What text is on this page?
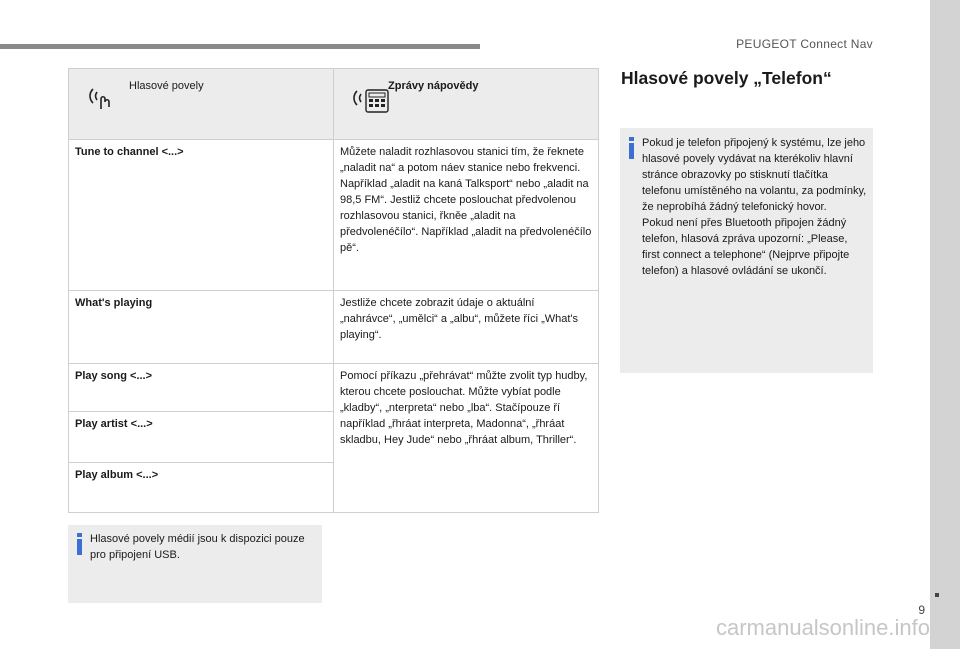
PEUGEOT Connect Nav
9
carmanualsonline.info
Hlasové povely	Zprávy nápovědy

Tune to channel <...>	Můžete naladit rozhlasovou stanici tím, že řeknete „naladit na“ a potom náev stanice nebo frekvenci. Například „aladit na kaná Talksport“ nebo „aladit na 98,5 FM“. Jestliž chcete poslouchat předvolenou rozhlasovou stanici, řkněe „aladit na předvolenéčílo“. Například „aladit na předvolenéčílo pě“.
What's playing	Jestliže chcete zobrazit údaje o aktuální „nahrávce“, „umělci“ a „albu“, můžete říci „What's playing“.
Play song <...>	Pomocí příkazu „přehrávat“ můžte zvolit typ hudby, kterou chcete poslouchat. Můžte vybíat podle „kladby“, „nterpreta“ nebo „lba“. Stačípouze ří například „řhráat interpreta, Madonna“, „řhráat skladbu, Hey Jude“ nebo „řhráat album, Thriller“.
Play artist <...>	
Play album <...>	
Hlasové povely médií jsou k dispozici pouze pro připojení USB.
Hlasové povely „Telefon“
Pokud je telefon připojený k systému, lze jeho hlasové povely vydávat na kterékoliv hlavní stránce obrazovky po stisknutí tlačítka telefonu umístěného na volantu, za podmínky, že neprobíhá žádný telefonický hovor.
Pokud není přes Bluetooth připojen žádný telefon, hlasová zpráva upozorní: „Please, first connect a telephone“ (Nejprve připojte telefon) a hlasové ovládání se ukončí.
